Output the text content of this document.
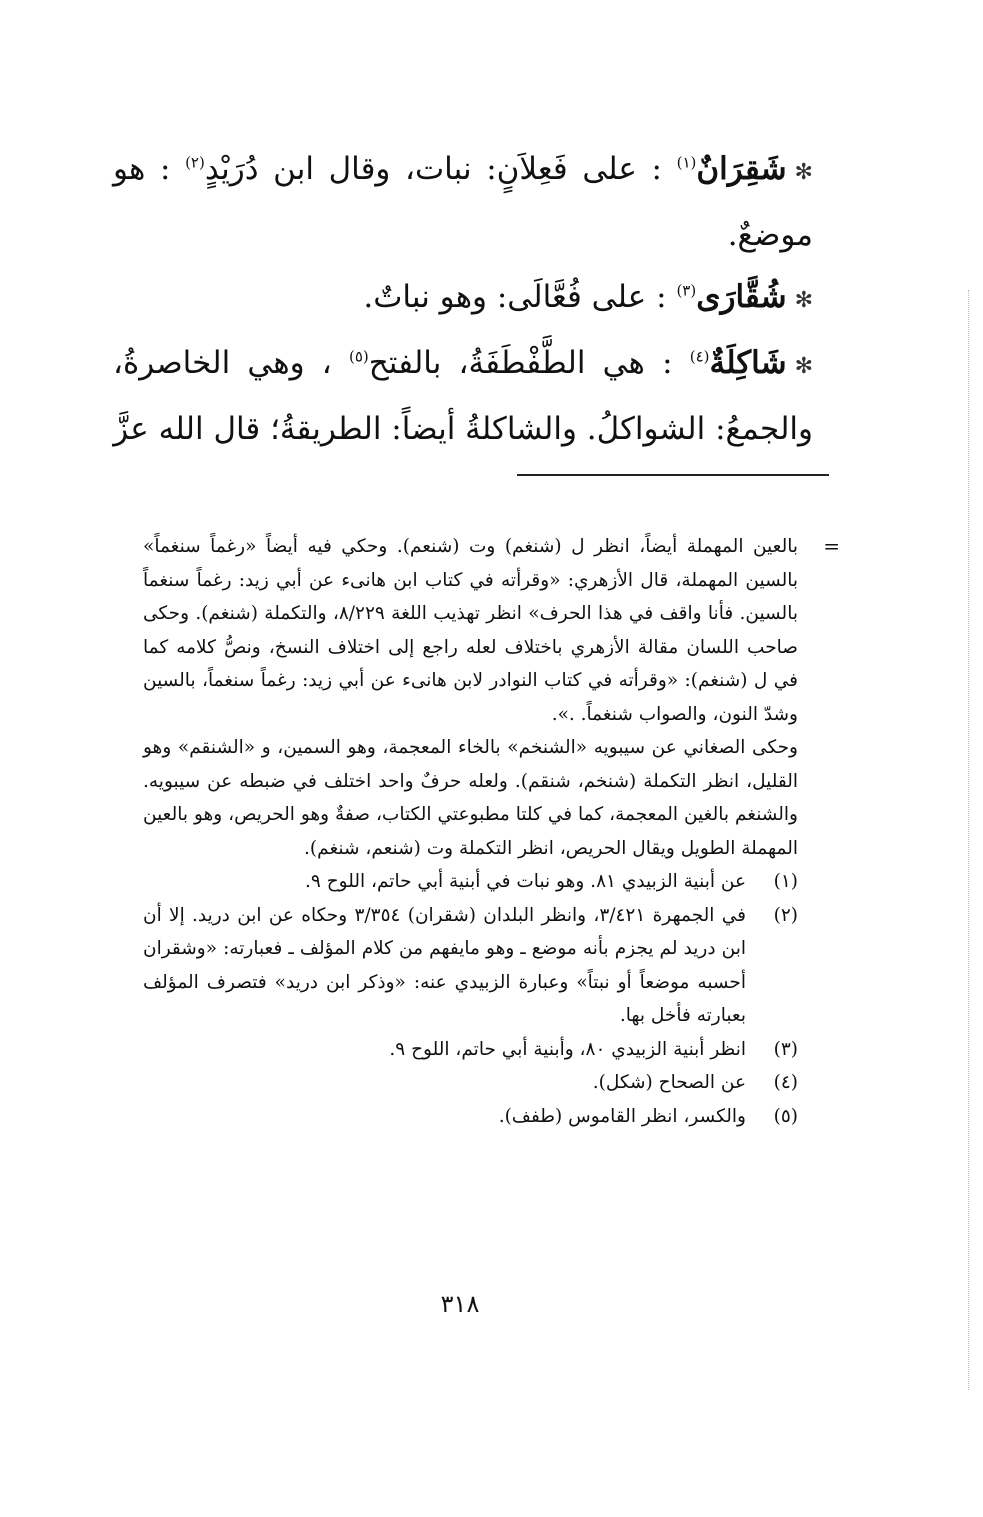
✻شَقِرَانٌ$^{(١)}$ : على فَعِلاَنٍ: نبات، وقال ابن دُرَيْدٍ$^{(٢)}$ : هو موضعٌ.

✻شُقَّارَى$^{(٣)}$ : على فُعَّالَى: وهو نباتٌ.

✻شَاكِلَةٌ$^{(٤)}$ : هي الطَّفْطَفَةُ، بالفتح$^{(٥)}$ ، وهي الخاصرةُ، والجمعُ: الشواكلُ. والشاكلةُ أيضاً: الطريقةُ؛ قال الله عزَّ

=

بالعين المهملة أيضاً، انظر ل (شنغم) وت (شنعم). وحكي فيه أيضاً «رغماً سنغماً» بالسين المهملة، قال الأزهري: «وقرأته في كتاب ابن هانىء عن أبي زيد: رغماً سنغماً بالسين. فأنا واقف في هذا الحرف» انظر تهذيب اللغة ٨/٢٢٩، والتكملة (شنغم). وحكى صاحب اللسان مقالة الأزهري باختلاف لعله راجع إلى اختلاف النسخ، ونصُّ كلامه كما في ل (شنغم): «وقرأته في كتاب النوادر لابن هانىء عن أبي زيد: رغماً سنغماً، بالسين وشدّ النون، والصواب شنغماً. .».

وحكى الصغاني عن سيبويه «الشنخم» بالخاء المعجمة، وهو السمين، و «الشنقم» وهو القليل، انظر التكملة (شنخم، شنقم). ولعله حرفٌ واحد اختلف في ضبطه عن سيبويه. والشنغم بالغين المعجمة، كما في كلتا مطبوعتي الكتاب، صفةٌ وهو الحريص، وهو بالعين المهملة الطويل ويقال الحريص، انظر التكملة وت (شنعم، شنغم).

(١)
عن أبنية الزبيدي ٨١. وهو نبات في أبنية أبي حاتم، اللوح ٩.

(٢)
في الجمهرة ٣/٤٢١، وانظر البلدان (شقران) ٣/٣٥٤ وحكاه عن ابن دريد. إلا أن ابن دريد لم يجزم بأنه موضع ـ وهو مايفهم من كلام المؤلف ـ فعبارته: «وشقران أحسبه موضعاً أو نبتاً» وعبارة الزبيدي عنه: «وذكر ابن دريد» فتصرف المؤلف بعبارته فأخل بها.

(٣)
انظر أبنية الزبيدي ٨٠، وأبنية أبي حاتم، اللوح ٩.

(٤)
عن الصحاح (شكل).

(٥)
والكسر، انظر القاموس (طفف).

٣١٨
